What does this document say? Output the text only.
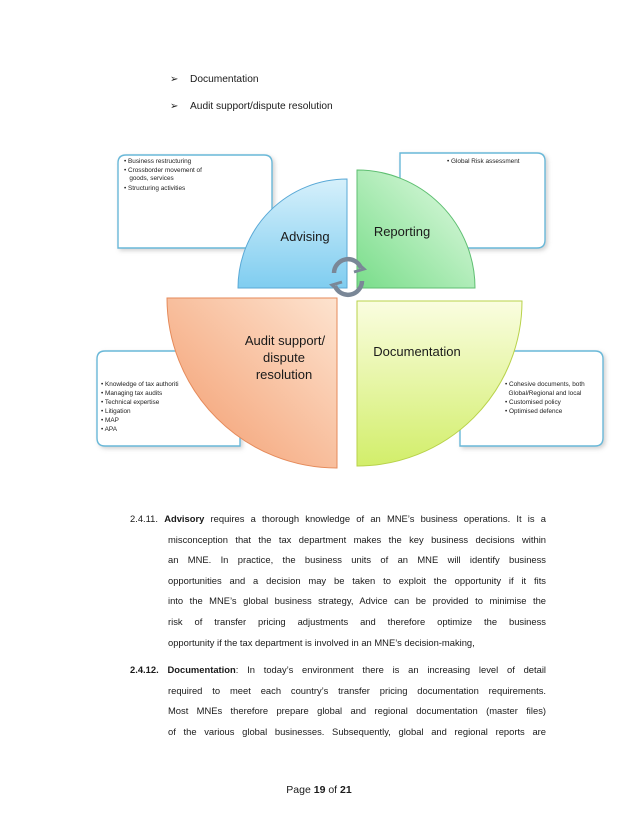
➢	Documentation
➢	Audit support/dispute resolution
• Business restructuring
• Crossborder movement of
goods, services
• Structuring activities
• Global Risk assessment
• Knowledge of tax authoriti
• Managing tax audits
• Technical expertise
• Litigation
• MAP
• APA
• Cohesive documents, both
Global/Regional and local
• Customised policy
• Optimised defence
Advising	Reporting
Audit support/
dispute
resolution
Documentation
2.4.11. Advisory requires a thorough knowledge of an MNE’s business operations. It is a
misconception that the tax department makes the key business decisions within
an MNE. In practice, the business units of an MNE will identify business
opportunities and a decision may be taken to exploit the opportunity if it fits
into the MNE’s global business strategy, Advice can be provided to minimise the
risk of transfer pricing adjustments and therefore optimize the business
opportunity if the tax department is involved in an MNE’s decision-making,
2.4.12. Documentation: In today’s environment there is an increasing level of detail
required to meet each country’s transfer pricing documentation requirements.
Most MNEs therefore prepare global and regional documentation (master files)
of the various global businesses. Subsequently, global and regional reports are
Page 19 of 21
